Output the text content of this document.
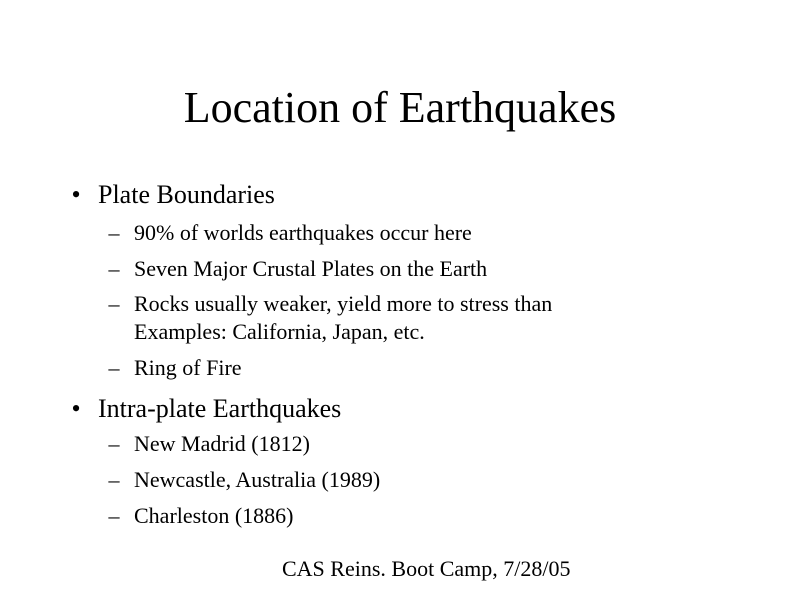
Location of Earthquakes
• Plate Boundaries
– 90% of worlds earthquakes occur here
– Seven Major Crustal Plates on the Earth
– Rocks usually weaker, yield more to stress than
Examples: California, Japan, etc.
– Ring of Fire
• Intra-plate Earthquakes
– New Madrid (1812)
– Newcastle, Australia (1989)
– Charleston (1886)
CAS Reins. Boot Camp, 7/28/05
